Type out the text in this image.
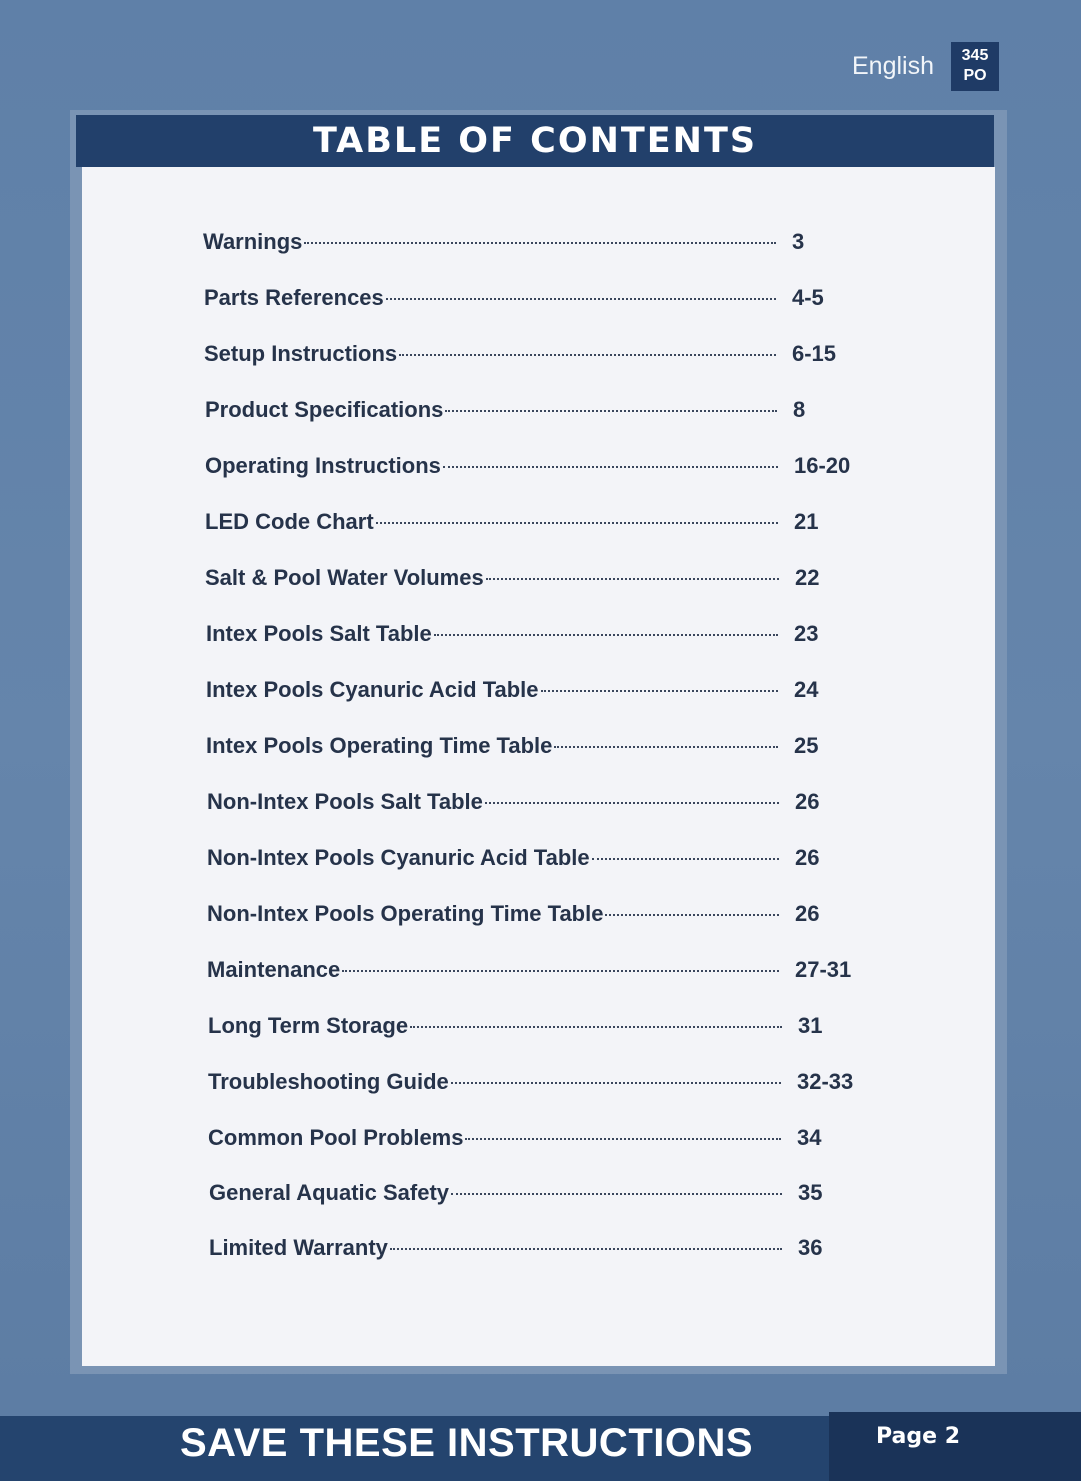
English	345
PO
TABLE OF CONTENTS
Warnings	3
Parts References	4-5
Setup Instructions	6-15
Product Specifications	8
Operating Instructions	16-20
LED Code Chart	21
Salt & Pool Water Volumes	22
Intex Pools Salt Table	23
Intex Pools Cyanuric Acid Table	24
Intex Pools Operating Time Table	25
Non-Intex Pools Salt Table	26
Non-Intex Pools Cyanuric Acid Table	26
Non-Intex Pools Operating Time Table	26
Maintenance	27-31
Long Term Storage	31
Troubleshooting Guide	32-33
Common Pool Problems	34
General Aquatic Safety	35
Limited Warranty	36
SAVE THESE INSTRUCTIONS	Page 2
